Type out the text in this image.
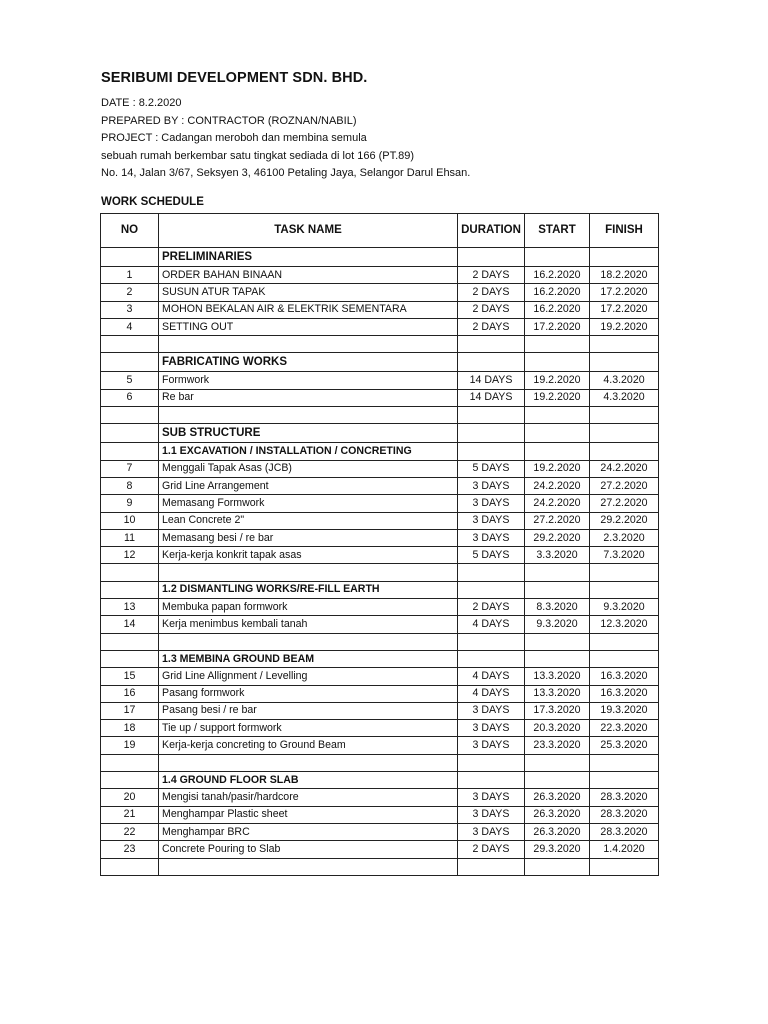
SERIBUMI DEVELOPMENT SDN. BHD.
DATE : 8.2.2020
PREPARED BY : CONTRACTOR (ROZNAN/NABIL)
PROJECT : Cadangan meroboh dan membina semula
sebuah rumah berkembar satu tingkat sediada di lot 166 (PT.89)
No. 14, Jalan 3/67, Seksyen 3, 46100 Petaling Jaya, Selangor Darul Ehsan.
WORK SCHEDULE
NO	TASK NAME	DURATION	START	FINISH
	PRELIMINARIES			
1	ORDER BAHAN BINAAN	2 DAYS	16.2.2020	18.2.2020
2	SUSUN ATUR TAPAK	2 DAYS	16.2.2020	17.2.2020
3	MOHON BEKALAN AIR & ELEKTRIK SEMENTARA	2 DAYS	16.2.2020	17.2.2020
4	SETTING OUT	2 DAYS	17.2.2020	19.2.2020

	FABRICATING WORKS			
5	Formwork	14 DAYS	19.2.2020	4.3.2020
6	Re bar	14 DAYS	19.2.2020	4.3.2020

	SUB STRUCTURE			
	1.1 EXCAVATION / INSTALLATION / CONCRETING			
7	Menggali Tapak Asas (JCB)	5 DAYS	19.2.2020	24.2.2020
8	Grid Line Arrangement	3 DAYS	24.2.2020	27.2.2020
9	Memasang Formwork	3 DAYS	24.2.2020	27.2.2020
10	Lean Concrete 2"	3 DAYS	27.2.2020	29.2.2020
11	Memasang besi / re bar	3 DAYS	29.2.2020	2.3.2020
12	Kerja-kerja konkrit tapak asas	5 DAYS	3.3.2020	7.3.2020

	1.2 DISMANTLING WORKS/RE-FILL EARTH			
13	Membuka papan formwork	2 DAYS	8.3.2020	9.3.2020
14	Kerja menimbus kembali tanah	4 DAYS	9.3.2020	12.3.2020

	1.3 MEMBINA GROUND BEAM			
15	Grid Line Allignment / Levelling	4 DAYS	13.3.2020	16.3.2020
16	Pasang formwork	4 DAYS	13.3.2020	16.3.2020
17	Pasang besi / re bar	3 DAYS	17.3.2020	19.3.2020
18	Tie up / support formwork	3 DAYS	20.3.2020	22.3.2020
19	Kerja-kerja concreting to Ground Beam	3 DAYS	23.3.2020	25.3.2020

	1.4 GROUND FLOOR SLAB			
20	Mengisi tanah/pasir/hardcore	3 DAYS	26.3.2020	28.3.2020
21	Menghampar Plastic sheet	3 DAYS	26.3.2020	28.3.2020
22	Menghampar BRC	3 DAYS	26.3.2020	28.3.2020
23	Concrete Pouring to Slab	2 DAYS	29.3.2020	1.4.2020
